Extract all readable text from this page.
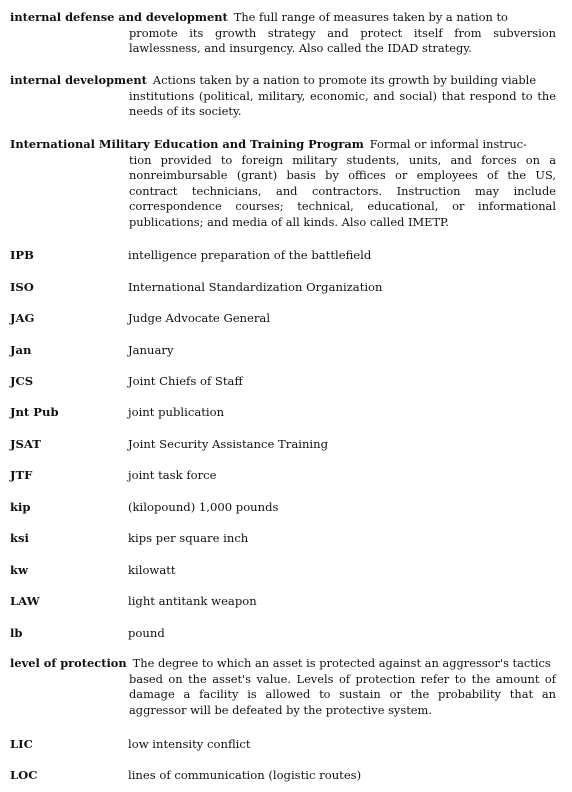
internal defense and development The full range of measures taken by a nation to
promote its growth strategy and protect itself from subversion lawlessness, and insurgency. Also called the IDAD strategy.
internal development Actions taken by a nation to promote its growth by building viable
institutions (political, military, economic, and social) that respond to the needs of its society.
International Military Education and Training Program Formal or informal instruc-
tion provided to foreign military students, units, and forces on a nonreimbursable (grant) basis by offices or employees of the US, contract technicians, and contractors. Instruction may include correspondence courses; technical, educational, or informational publications; and media of all kinds. Also called IMETP.
IPB	intelligence preparation of the battlefield
ISO	International Standardization Organization
JAG	Judge Advocate General
Jan	January
JCS	Joint Chiefs of Staff
Jnt Pub	joint publication
JSAT	Joint Security Assistance Training
JTF	joint task force
kip	(kilopound) 1,000 pounds
ksi	kips per square inch
kw	kilowatt
LAW	light antitank weapon
lb	pound
level of protection The degree to which an asset is protected against an aggressor's tactics
based on the asset's value. Levels of protection refer to the amount of damage a facility is allowed to sustain or the probability that an aggressor will be defeated by the protective system.
LIC	low intensity conflict
LOC	lines of communication (logistic routes)
